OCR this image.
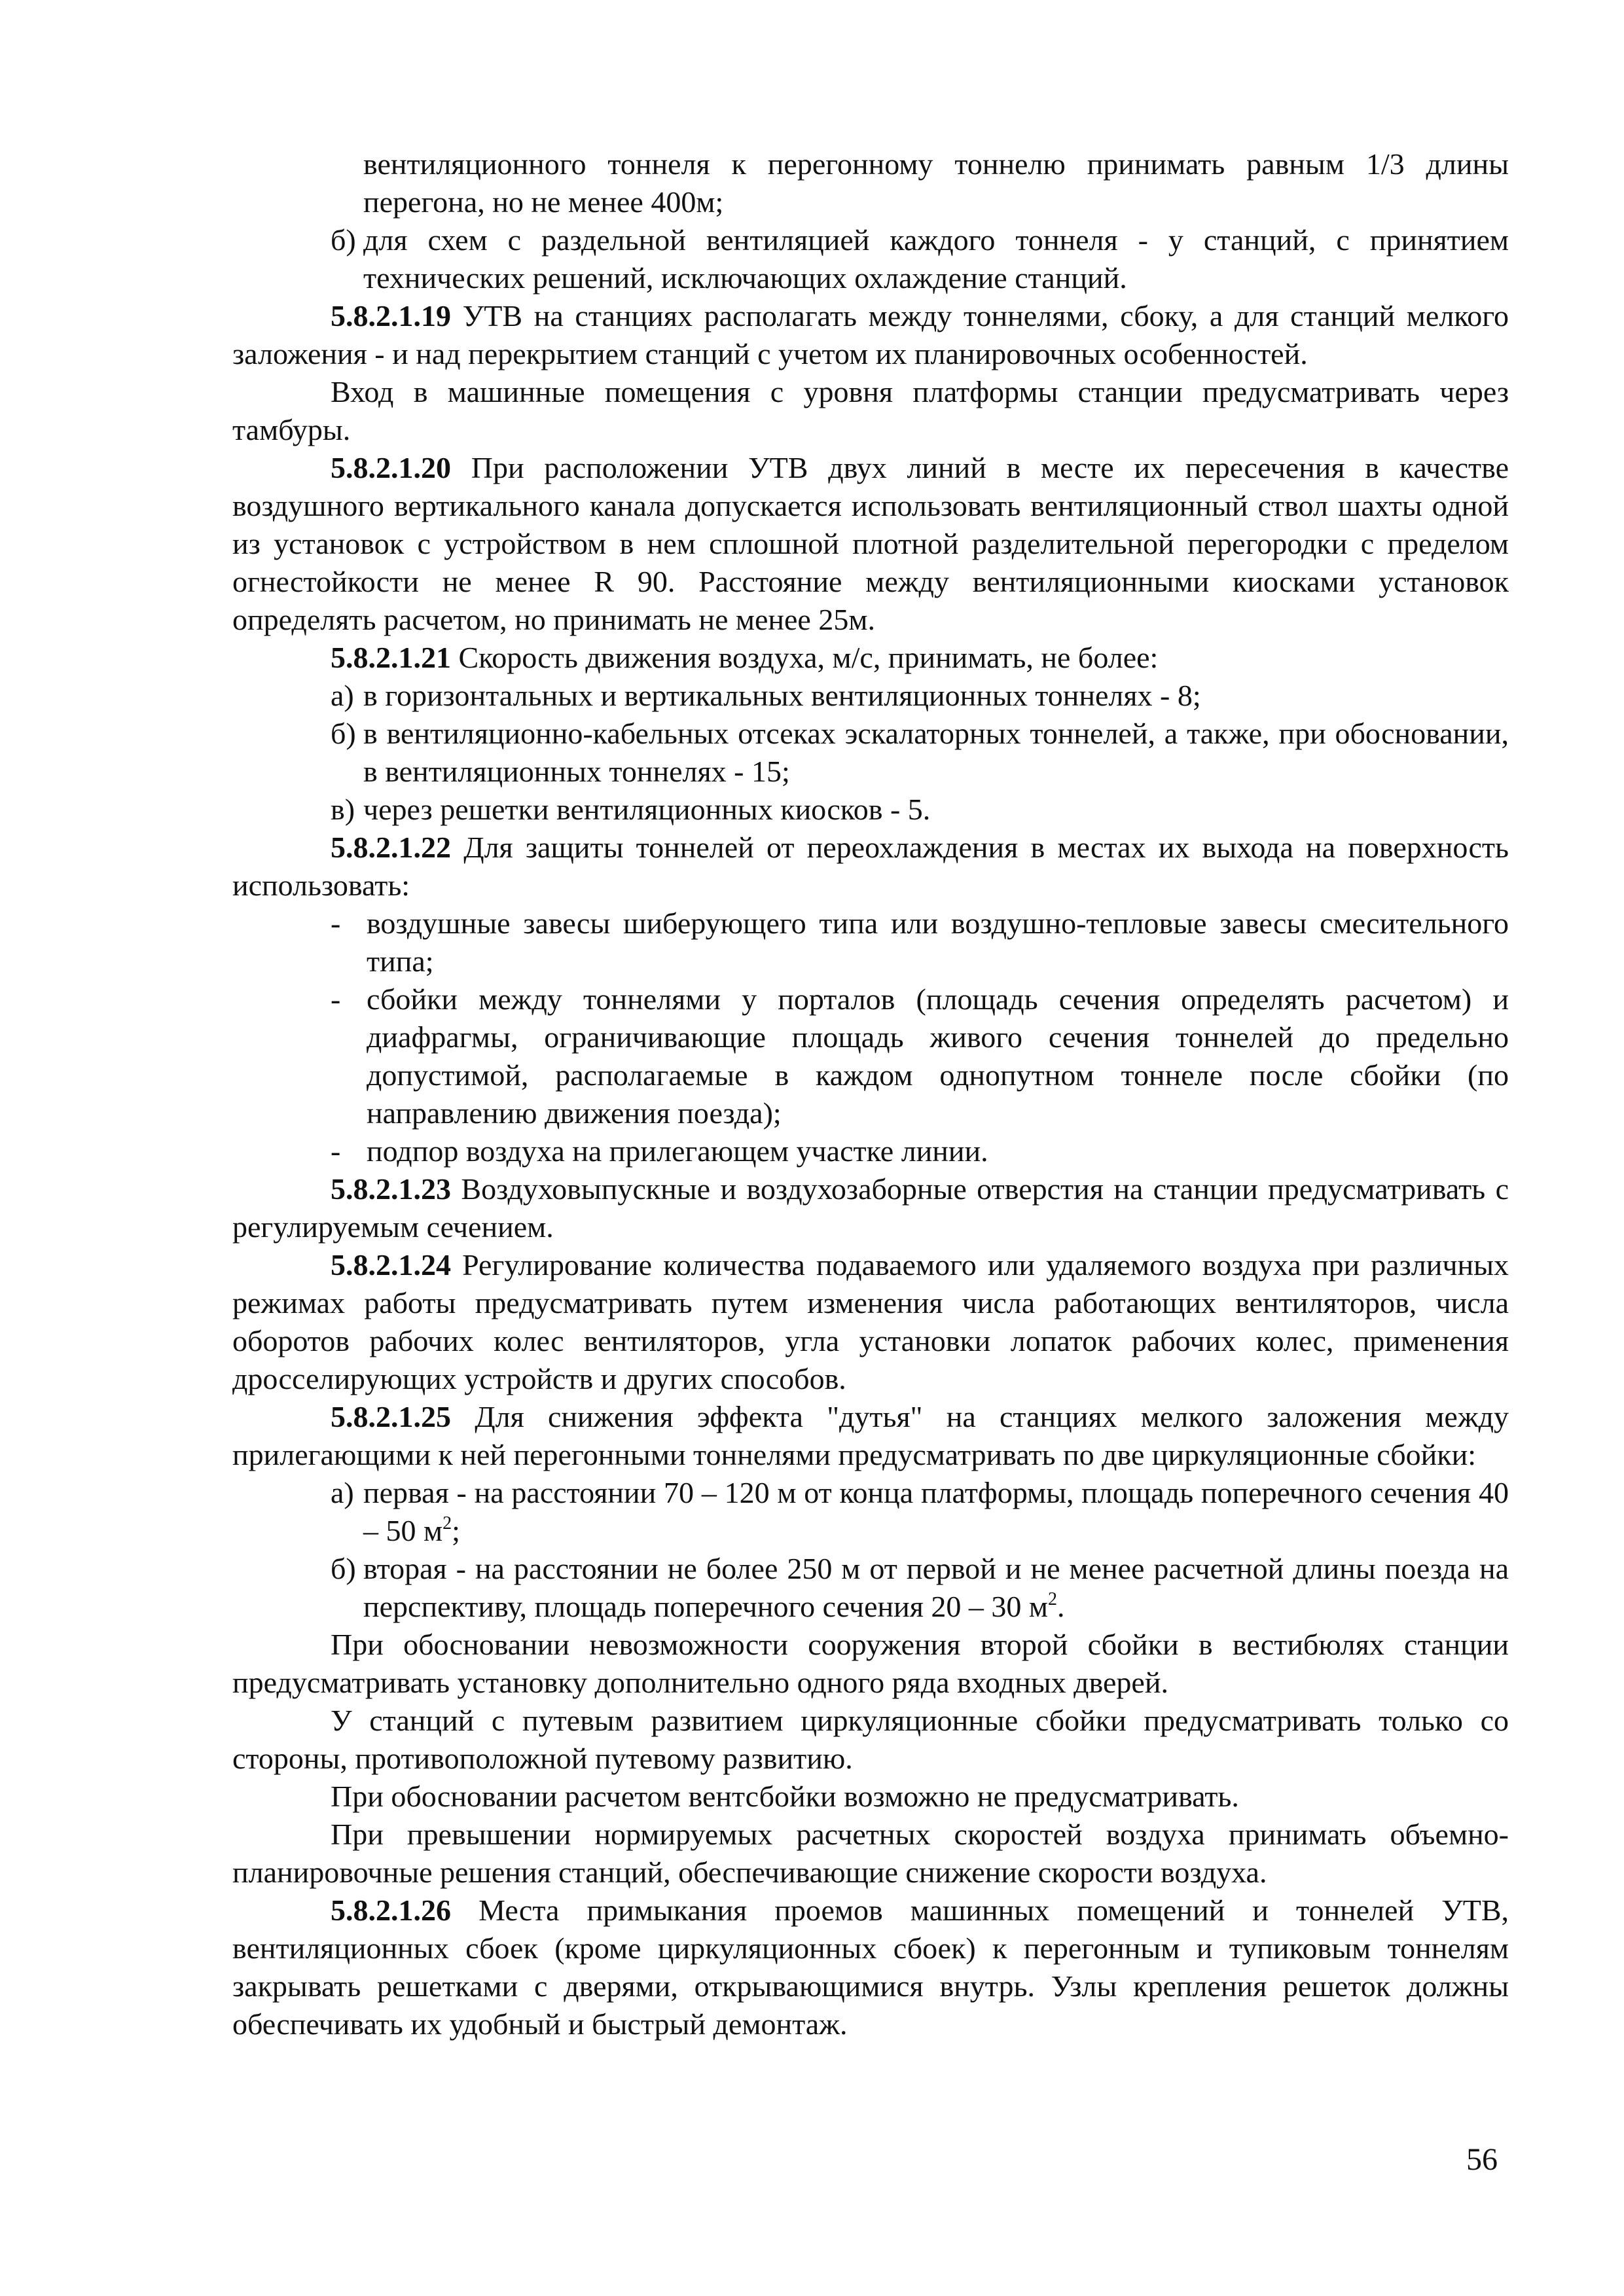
вентиляционного тоннеля к перегонному тоннелю принимать равным 1/3 длины перегона, но не менее 400м;

б) для схем с раздельной вентиляцией каждого тоннеля - у станций, с принятием технических решений, исключающих охлаждение станций.

5.8.2.1.19 УТВ на станциях располагать между тоннелями, сбоку, а для станций мелкого заложения - и над перекрытием станций с учетом их планировочных особенностей.

Вход в машинные помещения с уровня платформы станции предусматривать через тамбуры.

5.8.2.1.20 При расположении УТВ двух линий в месте их пересечения в качестве воздушного вертикального канала допускается использовать вентиляционный ствол шахты одной из установок с устройством в нем сплошной плотной разделительной перегородки с пределом огнестойкости не менее R 90. Расстояние между вентиляционными киосками установок определять расчетом, но принимать не менее 25м.

5.8.2.1.21 Скорость движения воздуха, м/с, принимать, не более:

а) в горизонтальных и вертикальных вентиляционных тоннелях - 8;

б) в вентиляционно-кабельных отсеках эскалаторных тоннелей, а также, при обосновании, в вентиляционных тоннелях - 15;

в) через решетки вентиляционных киосков - 5.

5.8.2.1.22 Для защиты тоннелей от переохлаждения в местах их выхода на поверхность использовать:

- воздушные завесы шиберующего типа или воздушно-тепловые завесы смесительного типа;

- сбойки между тоннелями у порталов (площадь сечения определять расчетом) и диафрагмы, ограничивающие площадь живого сечения тоннелей до предельно допустимой, располагаемые в каждом однопутном тоннеле после сбойки (по направлению движения поезда);

- подпор воздуха на прилегающем участке линии.

5.8.2.1.23 Воздуховыпускные и воздухозаборные отверстия на станции предусматривать с регулируемым сечением.

5.8.2.1.24 Регулирование количества подаваемого или удаляемого воздуха при различных режимах работы предусматривать путем изменения числа работающих вентиляторов, числа оборотов рабочих колес вентиляторов, угла установки лопаток рабочих колес, применения дросселирующих устройств и других способов.

5.8.2.1.25 Для снижения эффекта "дутья" на станциях мелкого заложения между прилегающими к ней перегонными тоннелями предусматривать по две циркуляционные сбойки:

а) первая - на расстоянии 70 – 120 м от конца платформы, площадь поперечного сечения 40 – 50 $м^2$;

б) вторая - на расстоянии не более 250 м от первой и не менее расчетной длины поезда на перспективу, площадь поперечного сечения 20 – 30 $м^2$.

При обосновании невозможности сооружения второй сбойки в вестибюлях станции предусматривать установку дополнительно одного ряда входных дверей.

У станций с путевым развитием циркуляционные сбойки предусматривать только со стороны, противоположной путевому развитию.

При обосновании расчетом вентсбойки возможно не предусматривать.

При превышении нормируемых расчетных скоростей воздуха принимать объемно-планировочные решения станций, обеспечивающие снижение скорости воздуха.

5.8.2.1.26 Места примыкания проемов машинных помещений и тоннелей УТВ, вентиляционных сбоек (кроме циркуляционных сбоек) к перегонным и тупиковым тоннелям закрывать решетками с дверями, открывающимися внутрь. Узлы крепления решеток должны обеспечивать их удобный и быстрый демонтаж.

56
